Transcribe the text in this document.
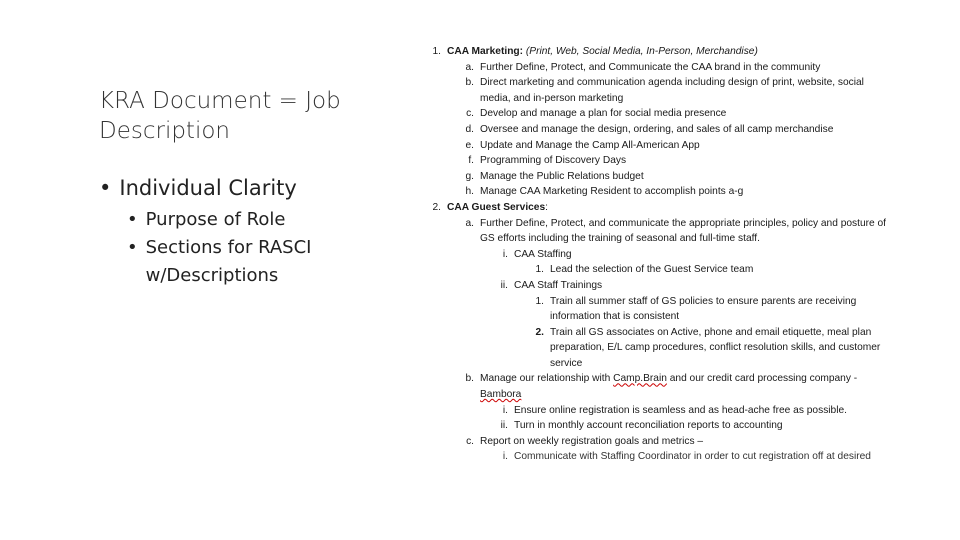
KRA Document = Job Description
• Individual Clarity
• Purpose of Role
• Sections for RASCI w/Descriptions
1. CAA Marketing: (Print, Web, Social Media, In-Person, Merchandise)
a. Further Define, Protect, and Communicate the CAA brand in the community
b. Direct marketing and communication agenda including design of print, website, social media, and in-person marketing
c. Develop and manage a plan for social media presence
d. Oversee and manage the design, ordering, and sales of all camp merchandise
e. Update and Manage the Camp All-American App
f. Programming of Discovery Days
g. Manage the Public Relations budget
h. Manage CAA Marketing Resident to accomplish points a-g
2. CAA Guest Services:
a. Further Define, Protect, and communicate the appropriate principles, policy and posture of GS efforts including the training of seasonal and full-time staff.
i. CAA Staffing
1. Lead the selection of the Guest Service team
ii. CAA Staff Trainings
1. Train all summer staff of GS policies to ensure parents are receiving information that is consistent
2. Train all GS associates on Active, phone and email etiquette, meal plan preparation, E/L camp procedures, conflict resolution skills, and customer service
b. Manage our relationship with Camp.Brain and our credit card processing company - Bambora
i. Ensure online registration is seamless and as head-ache free as possible.
ii. Turn in monthly account reconciliation reports to accounting
c. Report on weekly registration goals and metrics –
i. Communicate with Staffing Coordinator in order to cut registration off at desired
